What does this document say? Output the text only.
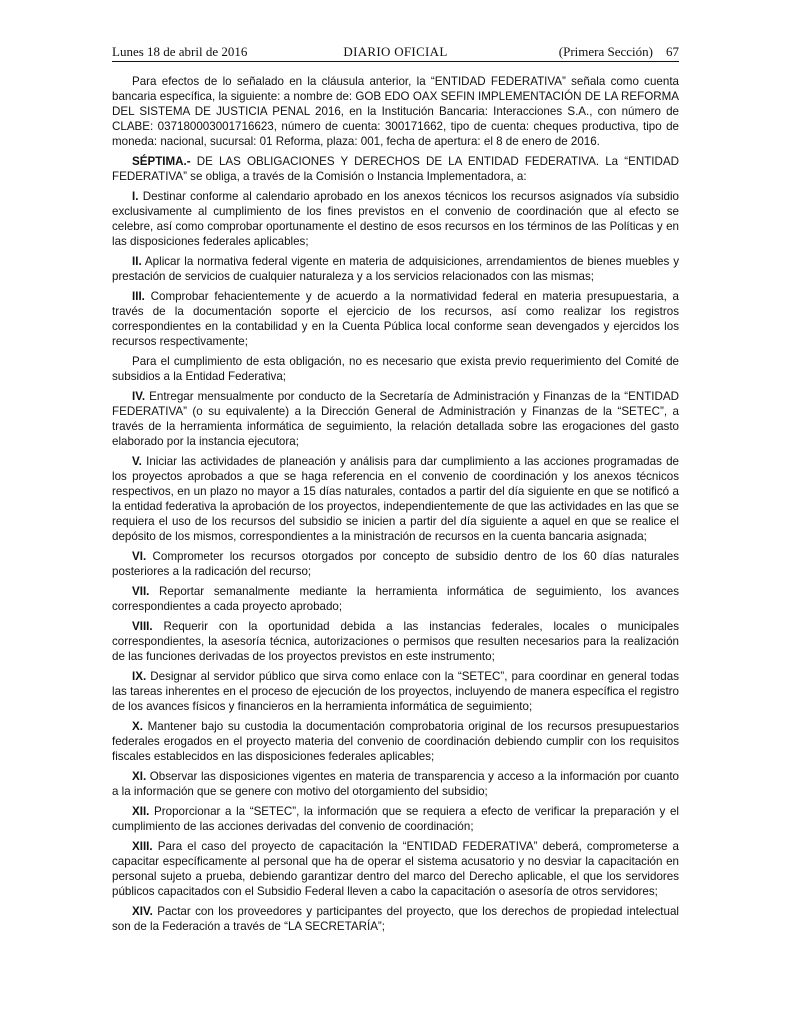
Lunes 18 de abril de 2016	DIARIO OFICIAL	(Primera Sección) 67

Para efectos de lo señalado en la cláusula anterior, la “ENTIDAD FEDERATIVA” señala como cuenta bancaria específica, la siguiente: a nombre de: GOB EDO OAX SEFIN IMPLEMENTACIÓN DE LA REFORMA DEL SISTEMA DE JUSTICIA PENAL 2016, en la Institución Bancaria: Interacciones S.A., con número de CLABE: 037180003001716623, número de cuenta: 300171662, tipo de cuenta: cheques productiva, tipo de moneda: nacional, sucursal: 01 Reforma, plaza: 001, fecha de apertura: el 8 de enero de 2016.

SÉPTIMA.- DE LAS OBLIGACIONES Y DERECHOS DE LA ENTIDAD FEDERATIVA. La “ENTIDAD FEDERATIVA” se obliga, a través de la Comisión o Instancia Implementadora, a:

I. Destinar conforme al calendario aprobado en los anexos técnicos los recursos asignados vía subsidio exclusivamente al cumplimiento de los fines previstos en el convenio de coordinación que al efecto se celebre, así como comprobar oportunamente el destino de esos recursos en los términos de las Políticas y en las disposiciones federales aplicables;

II. Aplicar la normativa federal vigente en materia de adquisiciones, arrendamientos de bienes muebles y prestación de servicios de cualquier naturaleza y a los servicios relacionados con las mismas;

III. Comprobar fehacientemente y de acuerdo a la normatividad federal en materia presupuestaria, a través de la documentación soporte el ejercicio de los recursos, así como realizar los registros correspondientes en la contabilidad y en la Cuenta Pública local conforme sean devengados y ejercidos los recursos respectivamente;

Para el cumplimiento de esta obligación, no es necesario que exista previo requerimiento del Comité de subsidios a la Entidad Federativa;

IV. Entregar mensualmente por conducto de la Secretaría de Administración y Finanzas de la “ENTIDAD FEDERATIVA” (o su equivalente) a la Dirección General de Administración y Finanzas de la “SETEC”, a través de la herramienta informática de seguimiento, la relación detallada sobre las erogaciones del gasto elaborado por la instancia ejecutora;

V. Iniciar las actividades de planeación y análisis para dar cumplimiento a las acciones programadas de los proyectos aprobados a que se haga referencia en el convenio de coordinación y los anexos técnicos respectivos, en un plazo no mayor a 15 días naturales, contados a partir del día siguiente en que se notificó a la entidad federativa la aprobación de los proyectos, independientemente de que las actividades en las que se requiera el uso de los recursos del subsidio se inicien a partir del día siguiente a aquel en que se realice el depósito de los mismos, correspondientes a la ministración de recursos en la cuenta bancaria asignada;

VI. Comprometer los recursos otorgados por concepto de subsidio dentro de los 60 días naturales posteriores a la radicación del recurso;

VII. Reportar semanalmente mediante la herramienta informática de seguimiento, los avances correspondientes a cada proyecto aprobado;

VIII. Requerir con la oportunidad debida a las instancias federales, locales o municipales correspondientes, la asesoría técnica, autorizaciones o permisos que resulten necesarios para la realización de las funciones derivadas de los proyectos previstos en este instrumento;

IX. Designar al servidor público que sirva como enlace con la “SETEC”, para coordinar en general todas las tareas inherentes en el proceso de ejecución de los proyectos, incluyendo de manera específica el registro de los avances físicos y financieros en la herramienta informática de seguimiento;

X. Mantener bajo su custodia la documentación comprobatoria original de los recursos presupuestarios federales erogados en el proyecto materia del convenio de coordinación debiendo cumplir con los requisitos fiscales establecidos en las disposiciones federales aplicables;

XI. Observar las disposiciones vigentes en materia de transparencia y acceso a la información por cuanto a la información que se genere con motivo del otorgamiento del subsidio;

XII. Proporcionar a la “SETEC”, la información que se requiera a efecto de verificar la preparación y el cumplimiento de las acciones derivadas del convenio de coordinación;

XIII. Para el caso del proyecto de capacitación la “ENTIDAD FEDERATIVA” deberá, comprometerse a capacitar específicamente al personal que ha de operar el sistema acusatorio y no desviar la capacitación en personal sujeto a prueba, debiendo garantizar dentro del marco del Derecho aplicable, el que los servidores públicos capacitados con el Subsidio Federal lleven a cabo la capacitación o asesoría de otros servidores;

XIV. Pactar con los proveedores y participantes del proyecto, que los derechos de propiedad intelectual son de la Federación a través de “LA SECRETARÍA”;
